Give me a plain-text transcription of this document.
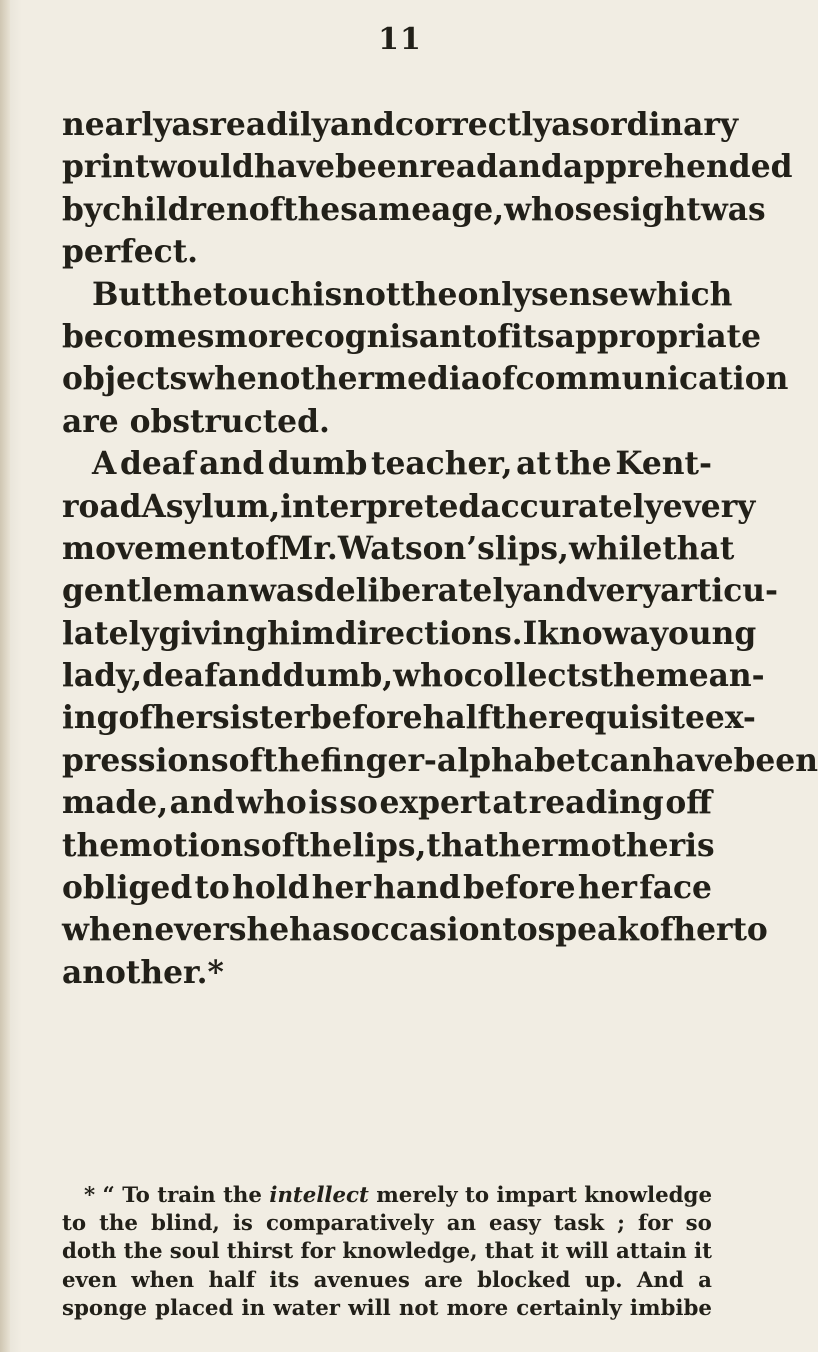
11
nearly as readily and correctly as ordinary
print would have been read and apprehended
by children of the same age, whose sight was
perfect.
But the touch is not the only sense which
becomes more cognisant of its appropriate
objects when other media of communication
are obstructed.
A deaf and dumb teacher, at the Kent-
road Asylum, interpreted accurately every
movement of Mr. Watson’s lips, while that
gentleman was deliberately and very articu-
lately giving him directions. I know a young
lady, deaf and dumb, who collects the mean-
ing of her sister before half the requisite ex-
pressions of the finger-alphabet can have been
made, and who is so expert at reading off
the motions of the lips, that her mother is
obliged to hold her hand before her face
whenever she has occasion to speak of her to
another.*
* “ To train the intellect merely to impart knowledge
to the blind, is comparatively an easy task ; for so
doth the soul thirst for knowledge, that it will attain it
even when half its avenues are blocked up. And a
sponge placed in water will not more certainly imbibe
